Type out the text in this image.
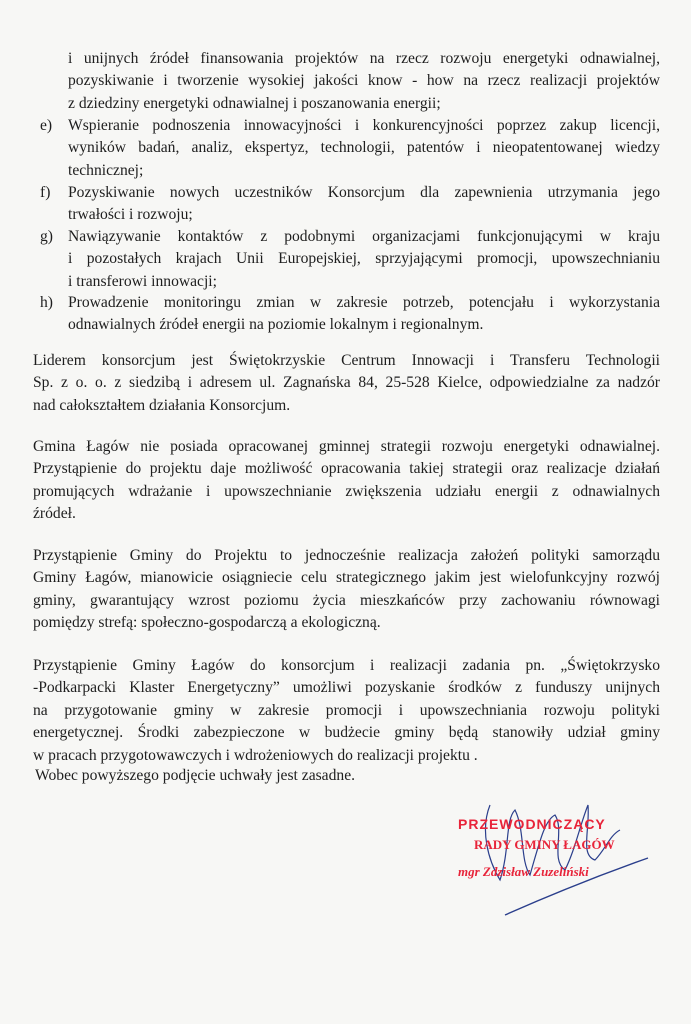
i unijnych źródeł finansowania projektów na rzecz rozwoju energetyki odnawialnej,
pozyskiwanie i tworzenie wysokiej jakości know - how na rzecz realizacji projektów
z dziedziny energetyki odnawialnej i poszanowania energii;
e) Wspieranie podnoszenia innowacyjności i konkurencyjności poprzez zakup licencji,
wyników badań, analiz, ekspertyz, technologii, patentów i nieopatentowanej wiedzy
technicznej;
f) Pozyskiwanie nowych uczestników Konsorcjum dla zapewnienia utrzymania jego
trwałości i rozwoju;
g) Nawiązywanie kontaktów z podobnymi organizacjami funkcjonującymi w kraju
i pozostałych krajach Unii Europejskiej, sprzyjającymi promocji, upowszechnianiu
i transferowi innowacji;
h) Prowadzenie monitoringu zmian w zakresie potrzeb, potencjału i wykorzystania
odnawialnych źródeł energii na poziomie lokalnym i regionalnym.
Liderem konsorcjum jest Świętokrzyskie Centrum Innowacji i Transferu Technologii
Sp. z o. o. z siedzibą i adresem ul. Zagnańska 84, 25-528 Kielce, odpowiedzialne za nadzór
nad całokształtem działania Konsorcjum.
Gmina Łagów nie posiada opracowanej gminnej strategii rozwoju energetyki odnawialnej.
Przystąpienie do projektu daje możliwość opracowania takiej strategii oraz realizacje działań
promujących wdrażanie i upowszechnianie zwiększenia udziału energii z odnawialnych
źródeł.
Przystąpienie Gminy do Projektu to jednocześnie realizacja założeń polityki samorządu
Gminy Łagów, mianowicie osiągniecie celu strategicznego jakim jest wielofunkcyjny rozwój
gminy, gwarantujący wzrost poziomu życia mieszkańców przy zachowaniu równowagi
pomiędzy strefą: społeczno-gospodarczą a ekologiczną.
Przystąpienie Gminy Łagów do konsorcjum i realizacji zadania pn. „Świętokrzysko
-Podkarpacki Klaster Energetyczny” umożliwi pozyskanie środków z funduszy unijnych
na przygotowanie gminy w zakresie promocji i upowszechniania rozwoju polityki
energetycznej. Środki zabezpieczone w budżecie gminy będą stanowiły udział gminy
w pracach przygotowawczych i wdrożeniowych do realizacji projektu .
Wobec powyższego podjęcie uchwały jest zasadne.
PRZEWODNICZĄCY
RADY GMINY ŁAGÓW
mgr Zdzisław Zuzeliński
